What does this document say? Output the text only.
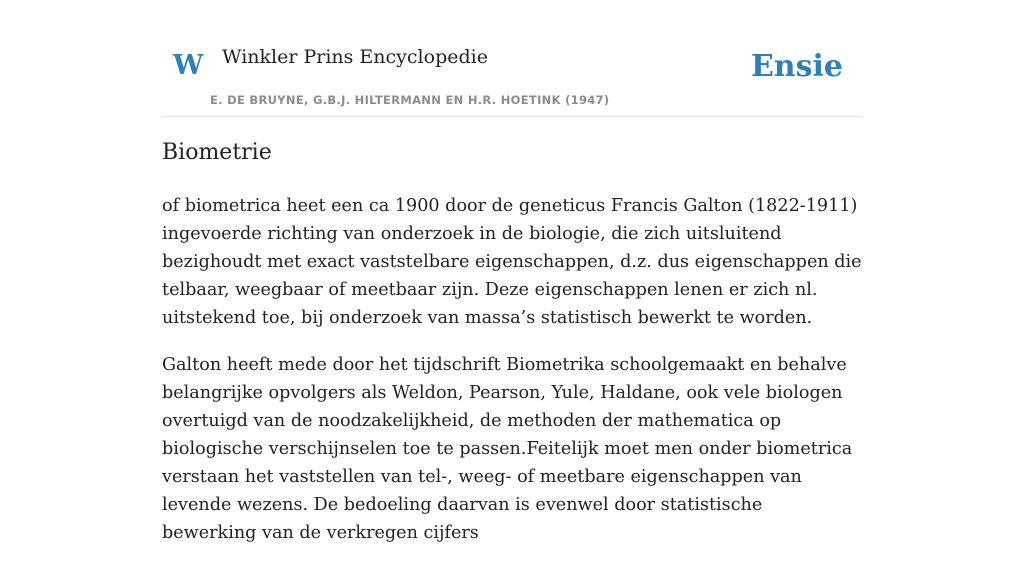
W Winkler Prins Encyclopedie
E. DE BRUYNE, G.B.J. HILTERMANN EN H.R. HOETINK (1947)
Ensie
Biometrie

of biometrica heet een ca 1900 door de geneticus Francis Galton (1822-1911) ingevoerde richting van onderzoek in de biologie, die zich uitsluitend bezighoudt met exact vaststelbare eigenschappen, d.z. dus eigenschappen die telbaar, weegbaar of meetbaar zijn. Deze eigenschappen lenen er zich nl. uitstekend toe, bij onderzoek van massa’s statistisch bewerkt te worden.

Galton heeft mede door het tijdschrift Biometrika schoolgemaakt en behalve belangrijke opvolgers als Weldon, Pearson, Yule, Haldane, ook vele biologen overtuigd van de noodzakelijkheid, de methoden der mathematica op biologische verschijnselen toe te passen.Feitelijk moet men onder biometrica verstaan het vaststellen van tel-, weeg- of meetbare eigenschappen van levende wezens. De bedoeling daarvan is evenwel door statistische bewerking van de verkregen cijfers
